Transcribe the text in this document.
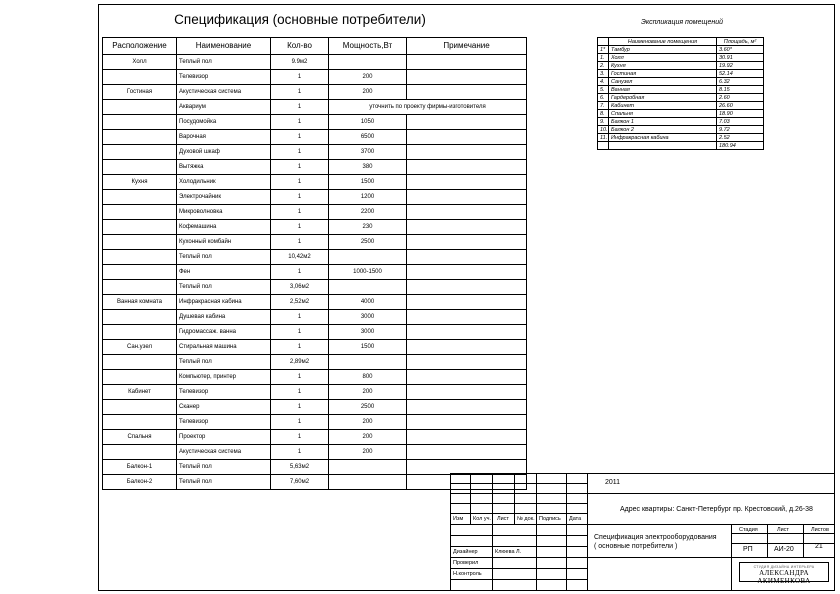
Спецификация (основные потребители)
Расположение	Наименование	Кол-во	Мощность,Вт	Примечание
Холл	Теплый пол	9.9м2		
	Телевизор	1	200	
Гостиная	Акустическая система	1	200	
	Аквариум	1	уточнить по проекту фирмы-изготовителя	
	Посудомойка	1	1050	
	Варочная	1	6500	
	Духовой шкаф	1	3700	
	Вытяжка	1	380	
Кухня	Холодильник	1	1500	
	Электрочайник	1	1200	
	Микроволновка	1	2200	
	Кофемашина	1	230	
	Кухонный комбайн	1	2500	
	Теплый пол	10,42м2		
	Фен	1	1000-1500	
	Теплый пол	3,06м2		
Ванная комната	Инфракрасная кабина	2,52м2	4000	
	Душевая кабина	1	3000	
	Гидромассаж. ванна	1	3000	
Сан.узел	Стиральная машина	1	1500	
	Теплый пол	2,89м2		
	Компьютер, принтер	1	800	
Кабинет	Телевизор	1	200	
	Сканер	1	2500	
	Телевизор	1	200	
Спальня	Проектор	1	200	
	Акустическая система	1	200	
Балкон-1	Теплый пол	5,63м2		
Балкон-2	Теплый пол	7,60м2		
Экспликация помещений
	Наименование помещения	Площадь, м²
1*	Тамбур	3.60*
1.	Холл	30.91
2.	Кухня	19.92
3.	Гостиная	52.14
4.	Санузел	6.32
5.	Ванная	8.15
6.	Гардеробная	2.60
7.	Кабинет	26.60
8.	Спальня	18.90
9.	Балкон 1	7.03
10.	Балкон 2	9.72
11.	Инфракрасная кабина	2.52
		180.94
2011
Адрес квартиры: Санкт-Петербург пр. Крестовский, д.26-38
Изм Кол уч. Лист № док. Подпись Дата
Спецификация электрооборудования
( основные потребители )
Стадия	Лист	Листов
РП	АИ-20	21
Дизайнер	Клюева Л.
Проверил
Н.контроль
СТУДИЯ ДИЗАЙНА ИНТЕРЬЕРА
АЛЕКСАНДРА АКИМЕНКОВА
